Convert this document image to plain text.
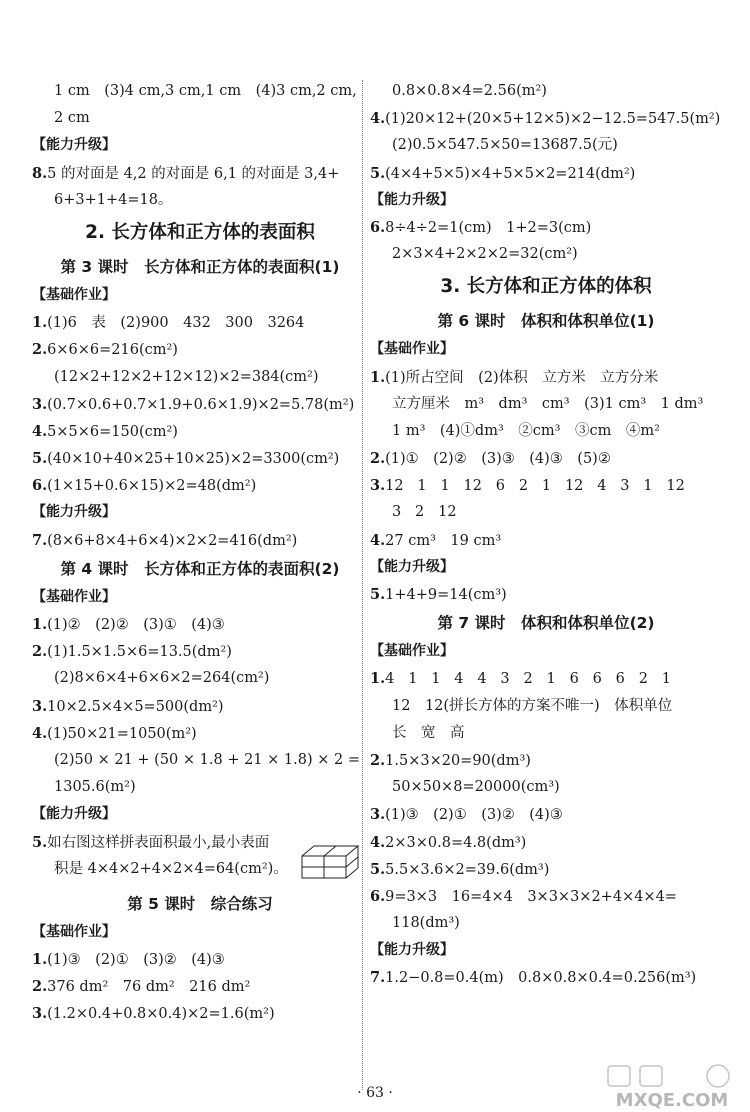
1 cm　(3)4 cm,3 cm,1 cm　(4)3 cm,2 cm,
2 cm
【能力升级】
8.5 的对面是 4,2 的对面是 6,1 的对面是 3,4+
6+3+1+4=18。
2. 长方体和正方体的表面积
第 3 课时　长方体和正方体的表面积(1)
【基础作业】
1.(1)6　表　(2)900　432　300　3264
2.6×6×6=216(cm²)
(12×2+12×2+12×12)×2=384(cm²)
3.(0.7×0.6+0.7×1.9+0.6×1.9)×2=5.78(m²)
4.5×5×6=150(cm²)
5.(40×10+40×25+10×25)×2=3300(cm²)
6.(1×15+0.6×15)×2=48(dm²)
【能力升级】
7.(8×6+8×4+6×4)×2×2=416(dm²)
第 4 课时　长方体和正方体的表面积(2)
【基础作业】
1.(1)②　(2)②　(3)①　(4)③
2.(1)1.5×1.5×6=13.5(dm²)
(2)8×6×4+6×6×2=264(cm²)
3.10×2.5×4×5=500(dm²)
4.(1)50×21=1050(m²)
(2)50 × 21 + (50 × 1.8 + 21 × 1.8) × 2 =
1305.6(m²)
【能力升级】
5.如右图这样拼表面积最小,最小表面
积是 4×4×2+4×2×4=64(cm²)。
第 5 课时　综合练习
【基础作业】
1.(1)③　(2)①　(3)②　(4)③
2.376 dm²　76 dm²　216 dm²
3.(1.2×0.4+0.8×0.4)×2=1.6(m²)
0.8×0.8×4=2.56(m²)
4.(1)20×12+(20×5+12×5)×2−12.5=547.5(m²)
(2)0.5×547.5×50=13687.5(元)
5.(4×4+5×5)×4+5×5×2=214(dm²)
【能力升级】
6.8÷4÷2=1(cm)　1+2=3(cm)
2×3×4+2×2×2=32(cm²)
3. 长方体和正方体的体积
第 6 课时　体积和体积单位(1)
【基础作业】
1.(1)所占空间　(2)体积　立方米　立方分米
立方厘米　m³　dm³　cm³　(3)1 cm³　1 dm³
1 m³　(4)①dm³　②cm³　③cm　④m²
2.(1)①　(2)②　(3)③　(4)③　(5)②
3.12   1   1   12   6   2   1   12   4   3   1   12
3   2   12
4.27 cm³　19 cm³
【能力升级】
5.1+4+9=14(cm³)
第 7 课时　体积和体积单位(2)
【基础作业】
1.4   1   1   4   4   3   2   1   6   6   6   2   1
12　12(拼长方体的方案不唯一)　体积单位
长　宽　高
2.1.5×3×20=90(dm³)
50×50×8=20000(cm³)
3.(1)③　(2)①　(3)②　(4)③
4.2×3×0.8=4.8(dm³)
5.5.5×3.6×2=39.6(dm³)
6.9=3×3　16=4×4　3×3×3×2+4×4×4=
118(dm³)
【能力升级】
7.1.2−0.8=0.4(m)　0.8×0.8×0.4=0.256(m³)
· 63 ·	MXQE.COM
